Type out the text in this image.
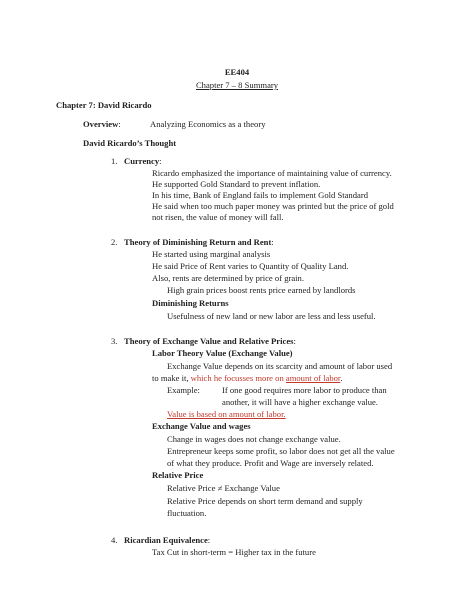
EE404
Chapter 7 – 8 Summary
Chapter 7: David Ricardo
Overview:	Analyzing Economics as a theory
David Ricardo’s Thought
1. Currency:
Ricardo emphasized the importance of maintaining value of currency.
He supported Gold Standard to prevent inflation.
In his time, Bank of England fails to implement Gold Standard
He said when too much paper money was printed but the price of gold
not risen, the value of money will fall.
2. Theory of Diminishing Return and Rent:
He started using marginal analysis
He said Price of Rent varies to Quantity of Quality Land.
Also, rents are determined by price of grain.
High grain prices boost rents price earned by landlords
Diminishing Returns
Usefulness of new land or new labor are less and less useful.
3. Theory of Exchange Value and Relative Prices:
Labor Theory Value (Exchange Value)
Exchange Value depends on its scarcity and amount of labor used
to make it, which he focusses more on amount of labor.
Example:	If one good requires more labor to produce than
another, it will have a higher exchange value.
Value is based on amount of labor.
Exchange Value and wages
Change in wages does not change exchange value.
Entrepreneur keeps some profit, so labor does not get all the value
of what they produce. Profit and Wage are inversely related.
Relative Price
Relative Price ≠ Exchange Value
Relative Price depends on short term demand and supply
fluctuation.
4. Ricardian Equivalence:
Tax Cut in short-term = Higher tax in the future
